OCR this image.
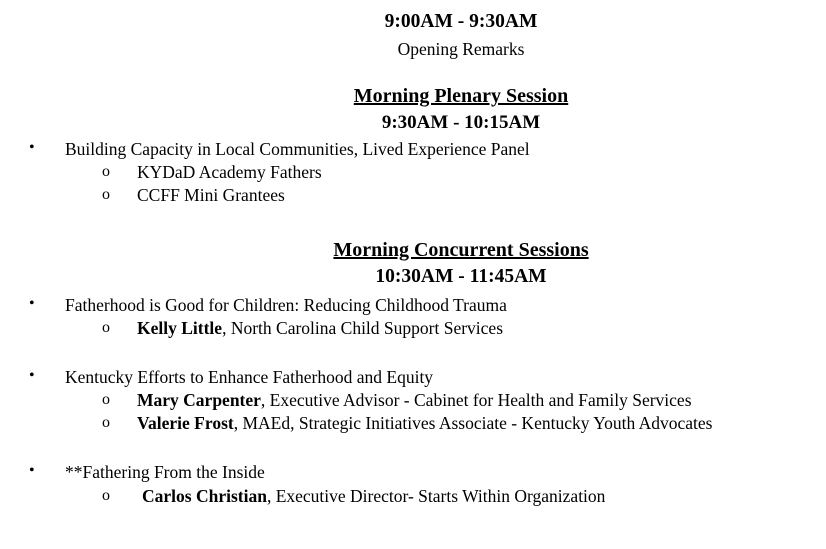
9:00AM - 9:30AM
Opening Remarks
Morning Plenary Session
9:30AM - 10:15AM
• Building Capacity in Local Communities, Lived Experience Panel
o KYDaD Academy Fathers
o CCFF Mini Grantees
Morning Concurrent Sessions
10:30AM - 11:45AM
• Fatherhood is Good for Children: Reducing Childhood Trauma
o Kelly Little, North Carolina Child Support Services
• Kentucky Efforts to Enhance Fatherhood and Equity
o Mary Carpenter, Executive Advisor - Cabinet for Health and Family Services
o Valerie Frost, MAEd, Strategic Initiatives Associate - Kentucky Youth Advocates
• **Fathering From the Inside
o Carlos Christian, Executive Director- Starts Within Organization
